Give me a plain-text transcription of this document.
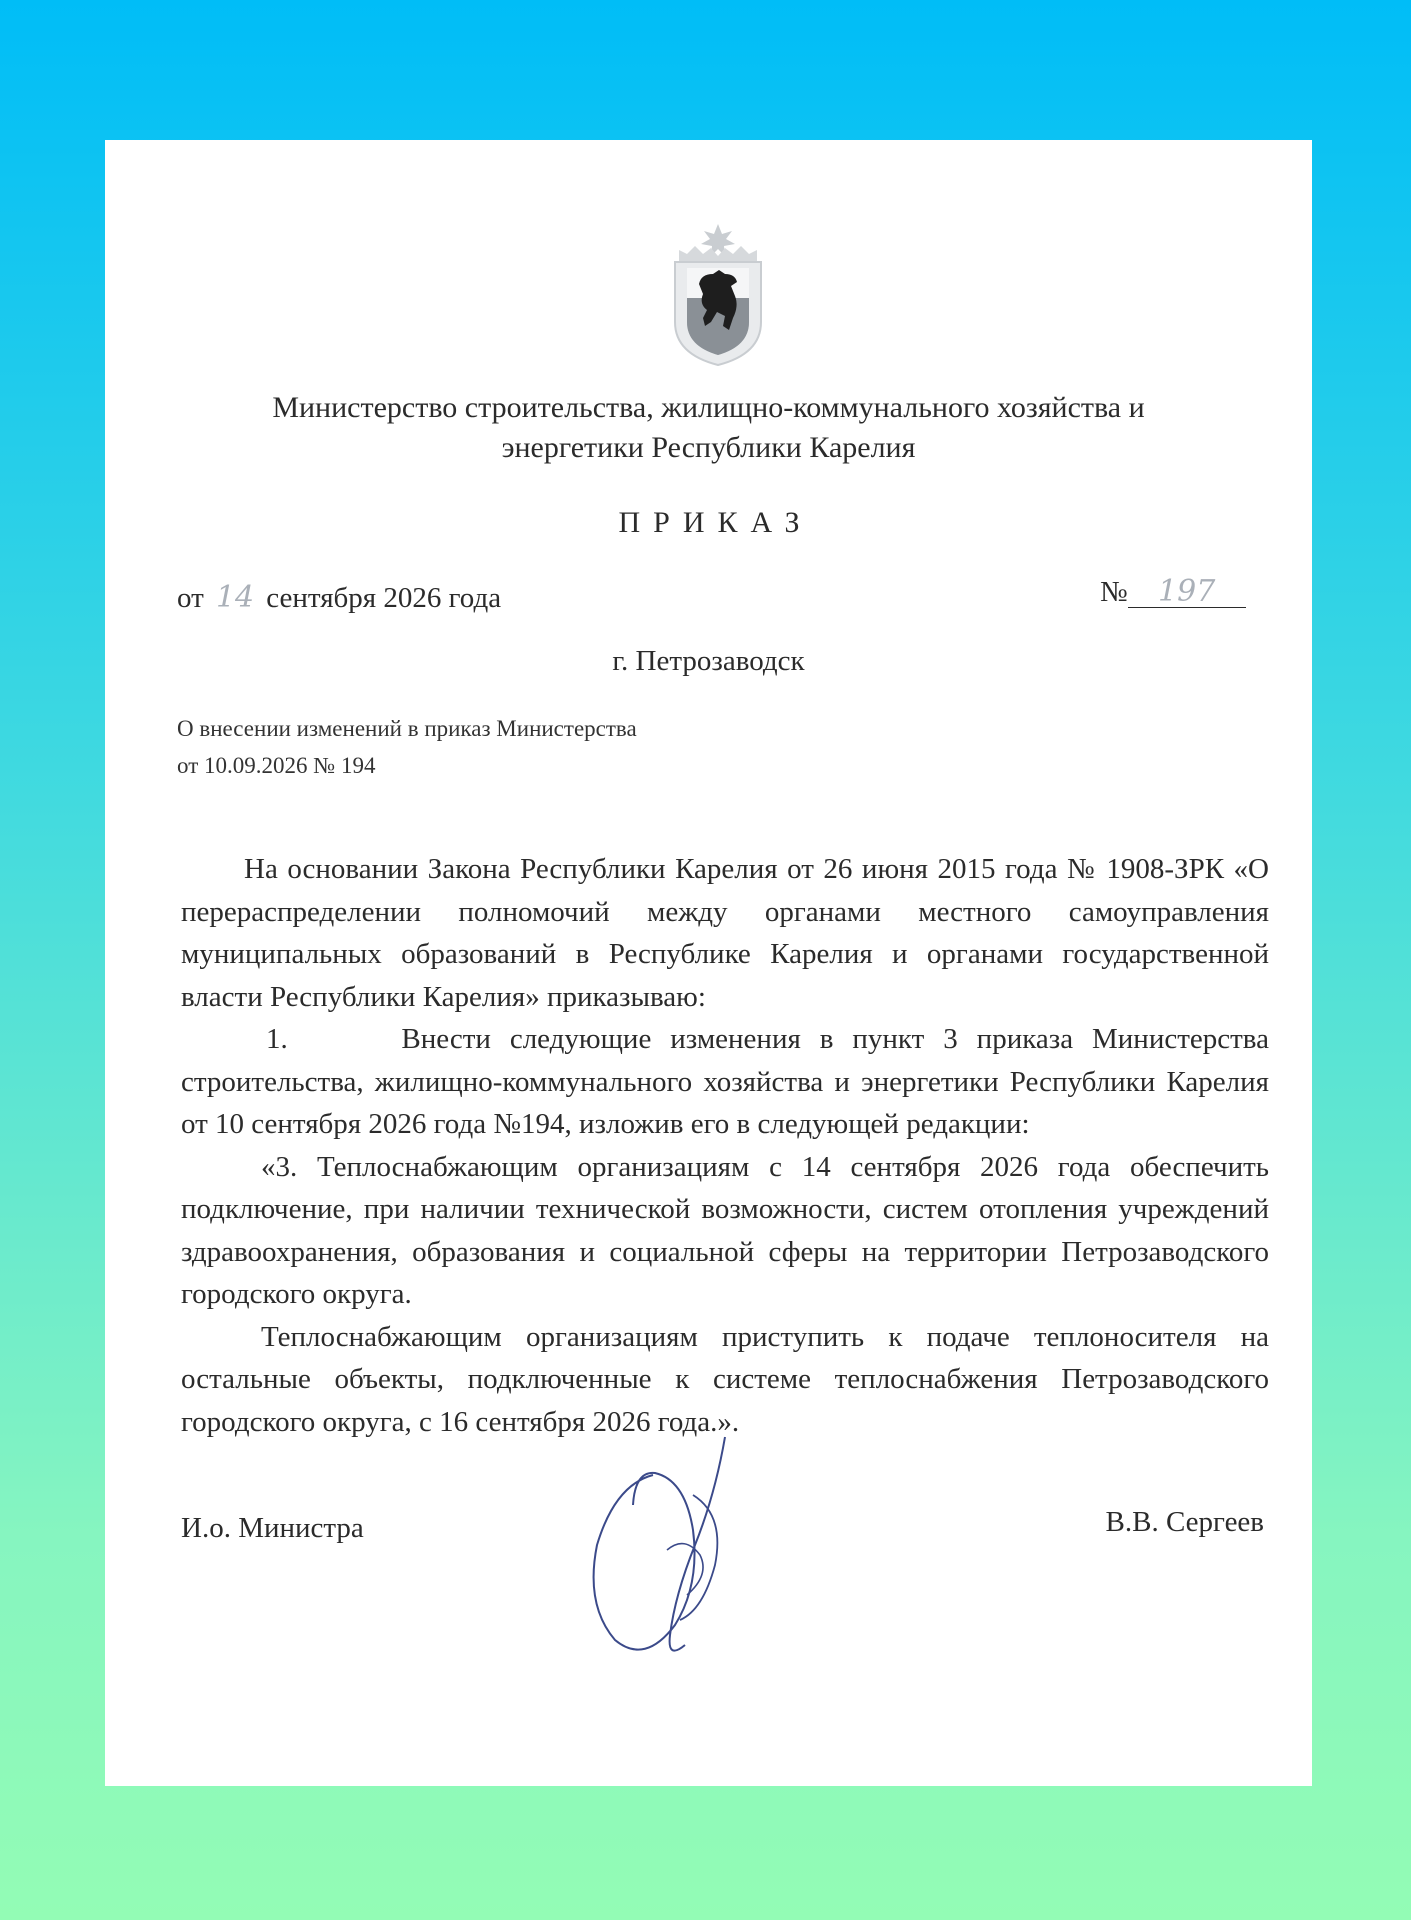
Министерство строительства, жилищно-коммунального хозяйства и
энергетики Республики Карелия
ПРИКАЗ
от 14 сентября 2026 года	№ 197
г. Петрозаводск
О внесении изменений в приказ Министерства
от 10.09.2026 № 194

На основании Закона Республики Карелия от 26 июня 2015 года № 1908-ЗРК «О перераспределении полномочий между органами местного самоуправления муниципальных образований в Республике Карелия и органами государственной власти Республики Карелия» приказываю:

1.      Внести следующие изменения в пункт 3 приказа Министерства строительства, жилищно-коммунального хозяйства и энергетики Республики Карелия от 10 сентября 2026 года №194, изложив его в следующей редакции:

«3. Теплоснабжающим организациям с 14 сентября 2026 года обеспечить подключение, при наличии технической возможности, систем отопления учреждений здравоохранения, образования и социальной сферы на территории Петрозаводского городского округа.

Теплоснабжающим организациям приступить к подаче теплоносителя на остальные объекты, подключенные к системе теплоснабжения Петрозаводского городского округа, с 16 сентября 2026 года.».

И.о. Министра	В.В. Сергеев
